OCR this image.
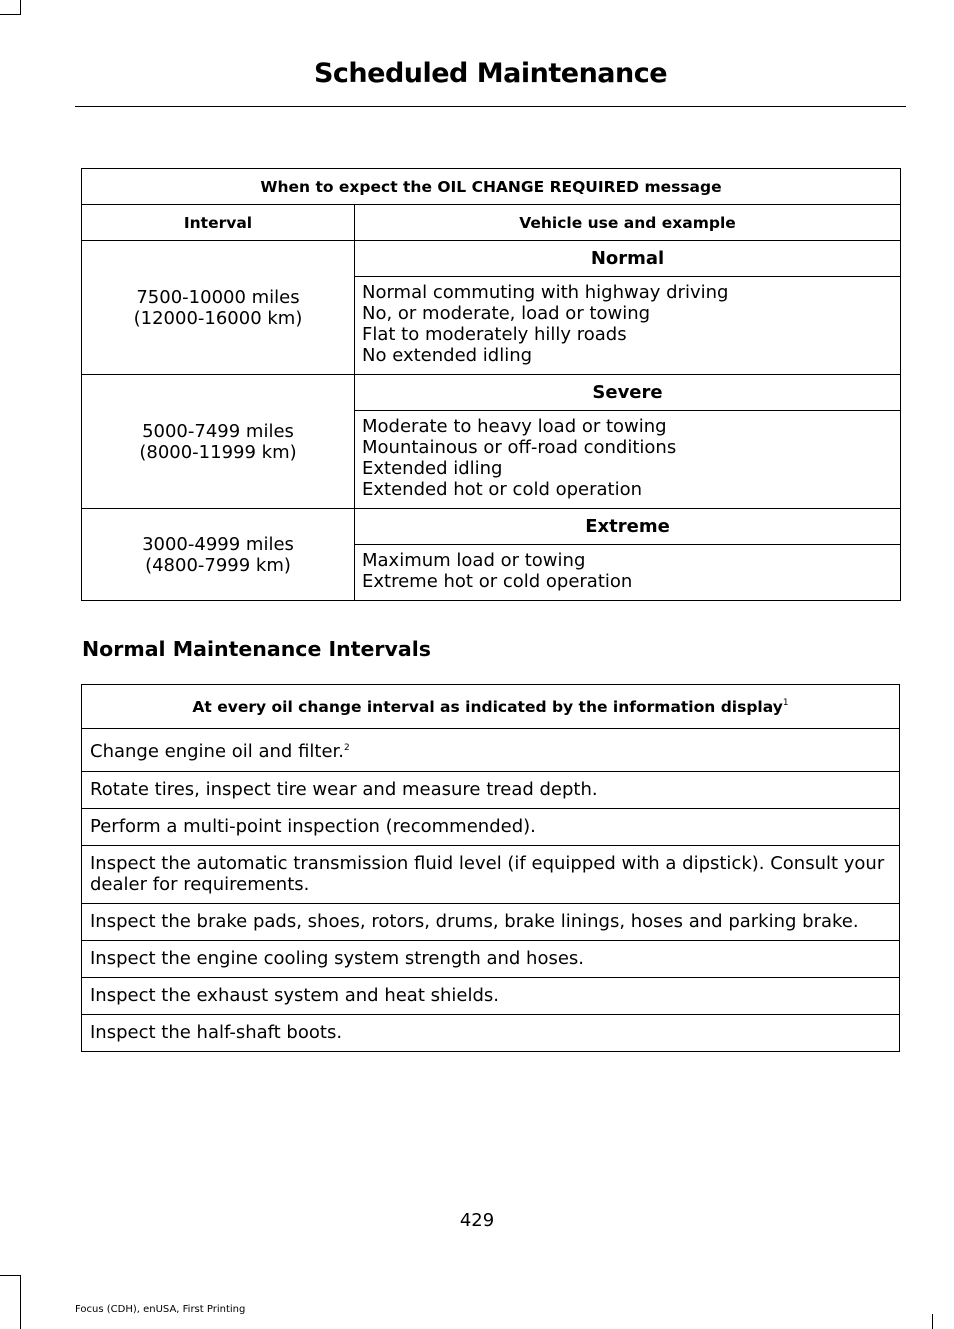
Scheduled Maintenance
When to expect the OIL CHANGE REQUIRED message	
Interval	Vehicle use and example

7500-10000 miles
(12000-16000 km)	Normal

	Normal commuting with highway driving
No, or moderate, load or towing
Flat to moderately hilly roads
No extended idling

5000-7499 miles
(8000-11999 km)	Severe

	Moderate to heavy load or towing
Mountainous or off-road conditions
Extended idling
Extended hot or cold operation

3000-4999 miles
(4800-7999 km)	Extreme

	Maximum load or towing
Extreme hot or cold operation
Normal Maintenance Intervals
At every oil change interval as indicated by the information display$^1$
Change engine oil and filter.$^2$
Rotate tires, inspect tire wear and measure tread depth.
Perform a multi-point inspection (recommended).
Inspect the automatic transmission fluid level (if equipped with a dipstick). Consult your dealer for requirements.
Inspect the brake pads, shoes, rotors, drums, brake linings, hoses and parking brake.
Inspect the engine cooling system strength and hoses.
Inspect the exhaust system and heat shields.
Inspect the half-shaft boots.
429
Focus (CDH), enUSA, First Printing
